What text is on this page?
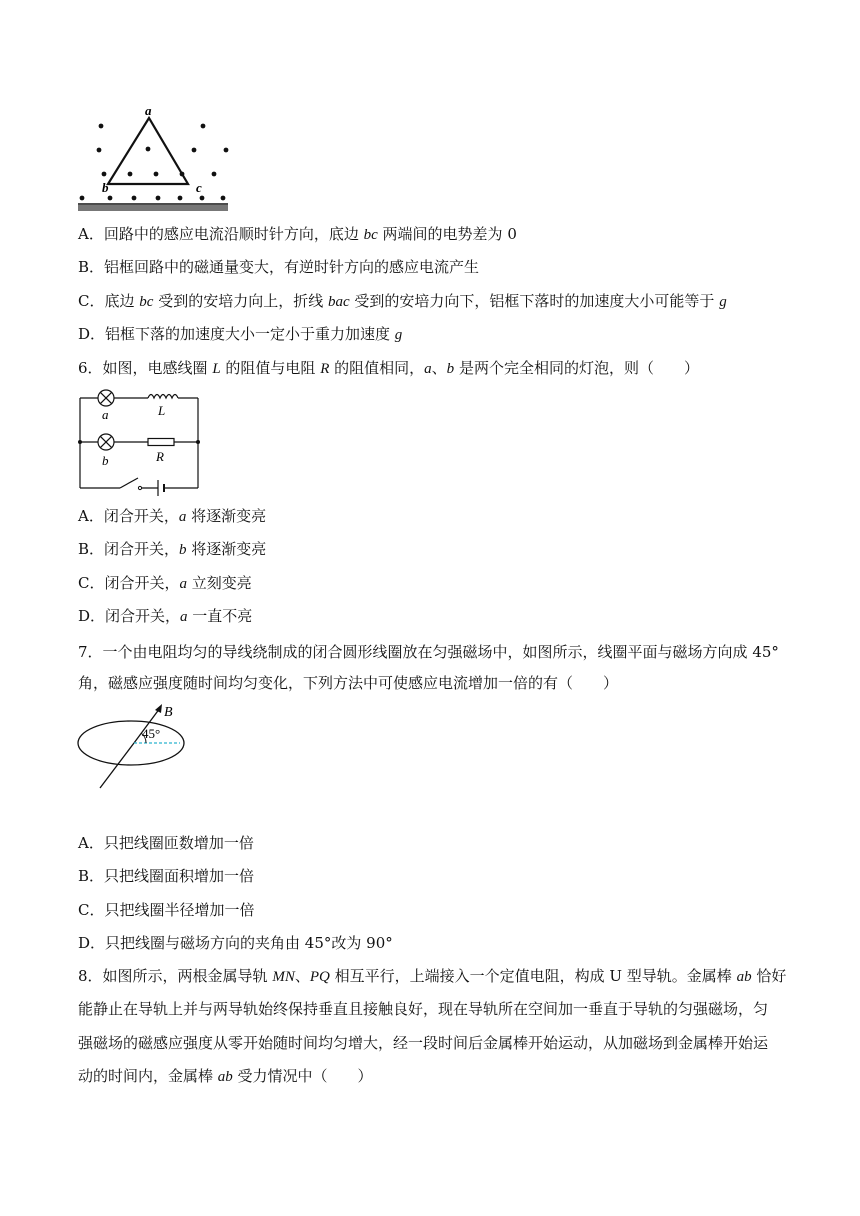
a
b	c
A．回路中的感应电流沿顺时针方向，底边 bc 两端间的电势差为 0
B．铝框回路中的磁通量变大，有逆时针方向的感应电流产生
C．底边 bc 受到的安培力向上，折线 bac 受到的安培力向下，铝框下落时的加速度大小可能等于 g
D．铝框下落的加速度大小一定小于重力加速度 g
6．如图，电感线圈 L 的阻值与电阻 R 的阻值相同，a、b 是两个完全相同的灯泡，则（　　）
a	L
b	R
A．闭合开关，a 将逐渐变亮
B．闭合开关，b 将逐渐变亮
C．闭合开关，a 立刻变亮
D．闭合开关，a 一直不亮
7．一个由电阻均匀的导线绕制成的闭合圆形线圈放在匀强磁场中，如图所示，线圈平面与磁场方向成 45°
角，磁感应强度随时间均匀变化，下列方法中可使感应电流增加一倍的有（　　）
B
45°
A．只把线圈匝数增加一倍
B．只把线圈面积增加一倍
C．只把线圈半径增加一倍
D．只把线圈与磁场方向的夹角由 45°改为 90°
8．如图所示，两根金属导轨 MN、PQ 相互平行，上端接入一个定值电阻，构成 U 型导轨。金属棒 ab 恰好
能静止在导轨上并与两导轨始终保持垂直且接触良好，现在导轨所在空间加一垂直于导轨的匀强磁场，匀
强磁场的磁感应强度从零开始随时间均匀增大，经一段时间后金属棒开始运动，从加磁场到金属棒开始运
动的时间内，金属棒 ab 受力情况中（　　）
